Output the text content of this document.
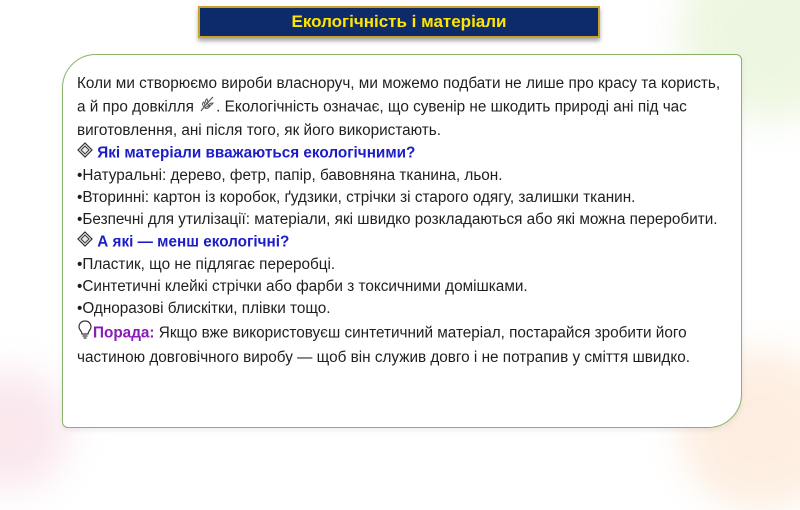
Екологічність і матеріали

Коли ми створюємо вироби власноруч, ми можемо подбати не лише про красу та користь, а й про довкілля . Екологічність означає, що сувенір не шкодить природі ані під час виготовлення, ані після того, як його використають.

Які матеріали вважаються екологічними?

•Натуральні: дерево, фетр, папір, бавовняна тканина, льон.

•Вторинні: картон із коробок, ґудзики, стрічки зі старого одягу, залишки тканин.

•Безпечні для утилізації: матеріали, які швидко розкладаються або які можна переробити.

А які — менш екологічні?

•Пластик, що не підлягає переробці.

•Синтетичні клейкі стрічки або фарби з токсичними домішками.

•Одноразові блискітки, плівки тощо.

Порада: Якщо вже використовуєш синтетичний матеріал, постарайся зробити його частиною довговічного виробу — щоб він служив довго і не потрапив у сміття швидко.
